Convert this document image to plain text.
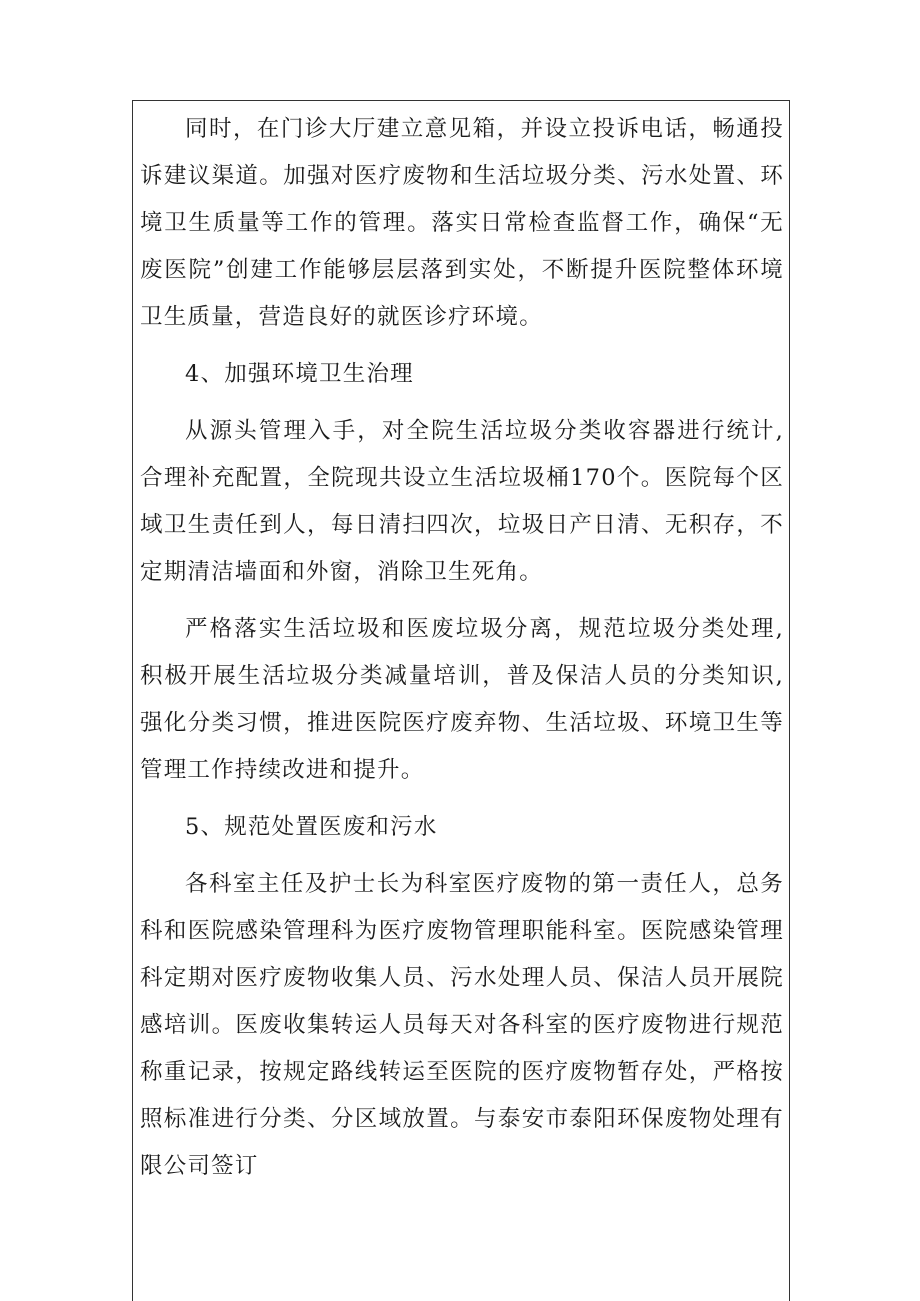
同时，在门诊大厅建立意见箱，并设立投诉电话，畅通投诉建议渠道。加强对医疗废物和生活垃圾分类、污水处置、环境卫生质量等工作的管理。落实日常检查监督工作，确保“无废医院”创建工作能够层层落到实处，不断提升医院整体环境卫生质量，营造良好的就医诊疗环境。

4、加强环境卫生治理

从源头管理入手，对全院生活垃圾分类收容器进行统计,合理补充配置，全院现共设立生活垃圾桶170个。医院每个区域卫生责任到人，每日清扫四次，垃圾日产日清、无积存，不定期清洁墙面和外窗，消除卫生死角。

严格落实生活垃圾和医废垃圾分离，规范垃圾分类处理,积极开展生活垃圾分类减量培训，普及保洁人员的分类知识,强化分类习惯，推进医院医疗废弃物、生活垃圾、环境卫生等管理工作持续改进和提升。

5、规范处置医废和污水

各科室主任及护士长为科室医疗废物的第一责任人，总务科和医院感染管理科为医疗废物管理职能科室。医院感染管理科定期对医疗废物收集人员、污水处理人员、保洁人员开展院感培训。医废收集转运人员每天对各科室的医疗废物进行规范称重记录，按规定路线转运至医院的医疗废物暂存处，严格按照标准进行分类、分区域放置。与泰安市泰阳环保废物处理有限公司签订
